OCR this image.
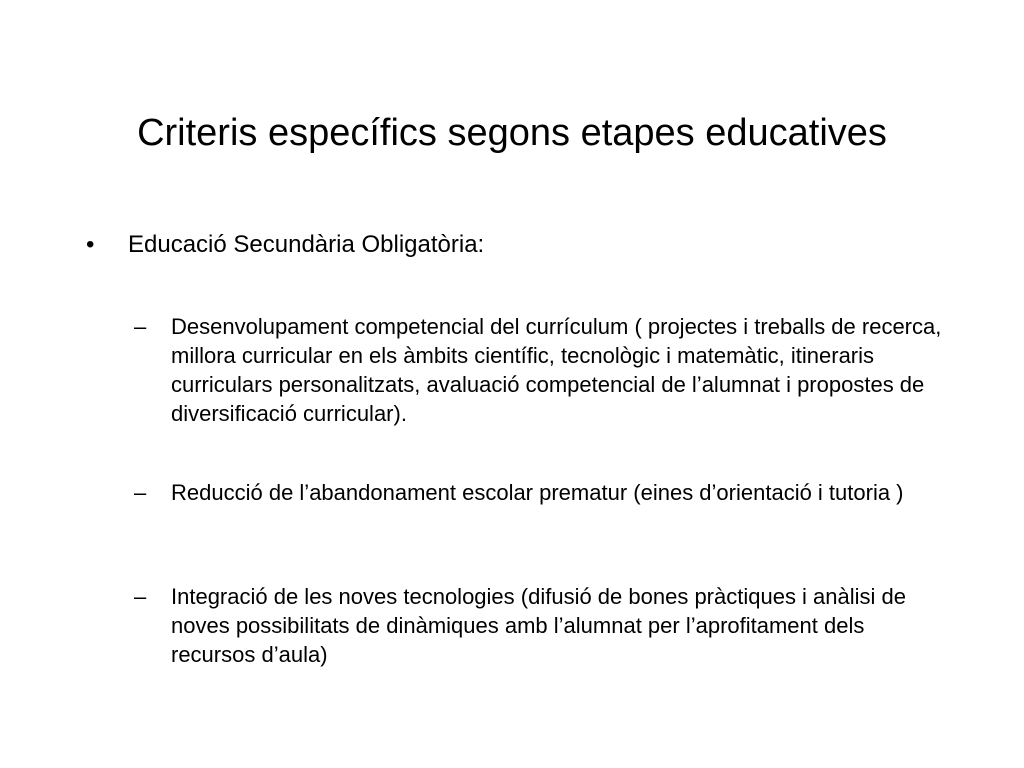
Criteris específics segons etapes educatives
•	Educació Secundària Obligatòria:
–	Desenvolupament competencial del currículum ( projectes i treballs de recerca, millora curricular en els àmbits científic, tecnològic i matemàtic, itineraris curriculars personalitzats, avaluació competencial de l’alumnat i propostes de diversificació curricular).
–	Reducció de l’abandonament escolar prematur (eines d’orientació i tutoria )
–	Integració de les noves tecnologies (difusió de bones pràctiques i anàlisi de noves possibilitats de dinàmiques amb l’alumnat per l’aprofitament dels recursos d’aula)
